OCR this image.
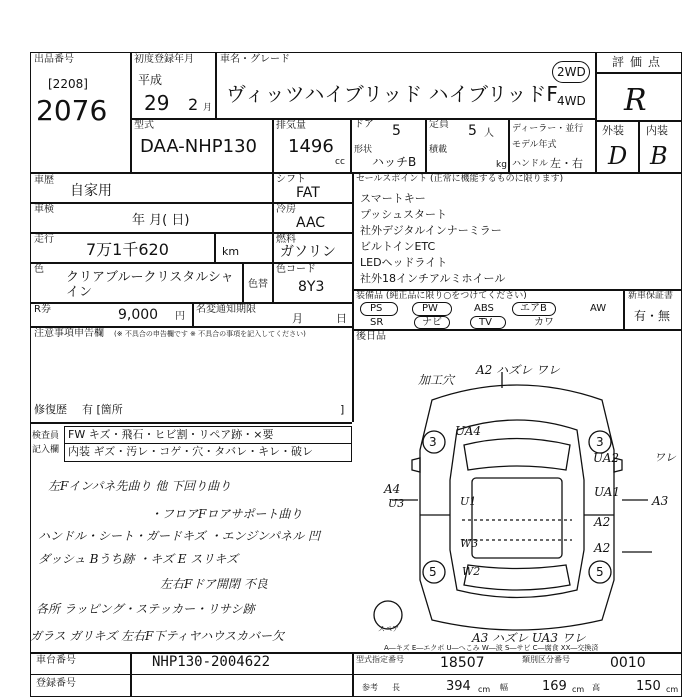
出品番号
[2208]
2076
初度登録年月
平成
29 2 月
車名・グレード
ヴィッツハイブリッド ハイブリッドF
2WD
4WD
評価点
R
外装 内装
D B
型式
DAA-NHP130
排気量
1496
cc
ドア 5
形状
ハッチB
定員 5 人
積載
kg
ディーラー・並行
モデル年式
ハンドル 左・右
車歴
自家用
車検
年 月( 日)
走行
7万1千620	km
色
クリアブルークリスタルシャイン
色替
R券	9,000 円
名変通知期限
月	日
注意事項申告欄 (※ 不具合の申告欄です ※ 不具合の事項を記入してください)
修復歴 有 [箇所	]
シフト
FAT
冷房
AAC
燃料
ガソリン
色コード
8Y3
セールスポイント (正常に機能するものに限ります)
スマートキー
プッシュスタート
社外デジタルインナーミラー
ビルトインETC
LEDヘッドライト
社外18インチアルミホイール
装備品 (純正品に限り○をつけてください)	新車保証書
有・無
PS	PW	ABS	エアB	AW
SR	ナビ	TV	カワ
後日品
検査員
記入欄
FW キズ・飛石・ヒビ割・リペア跡・×要
内装 ギズ・汚レ・コゲ・穴・タバレ・キレ・破レ
左Fインパネ先曲り 他 下回り曲り
・フロアFロアサポート曲り
ハンドル・シート・ガードキズ ・エンジンパネル 凹
ダッシュ Bうち跡 ・キズ E スリキズ
左右Fドア開閉 不良
各所 ラッピング・ステッカー・リサシ跡
ガラス ガリキズ 左右F下ティヤハウスカバー欠
加工穴
A2 ハズレ ワレ
UA4
3	3
5	5
UA2	ワレ
A3
UA1
A2
A2
A4
U3	U1
W3
W2
A3 ハズレ UA3 ワレ
スペア
A―キズ E―エクボ U―へこみ W―波 S―サビ C―腐食 XX―交換済
車台番号	NHP130-2004622
登録番号
型式指定番号	18507	類別区分番号	0010
参考 長	394 cm 幅	169 cm 高	150 cm
